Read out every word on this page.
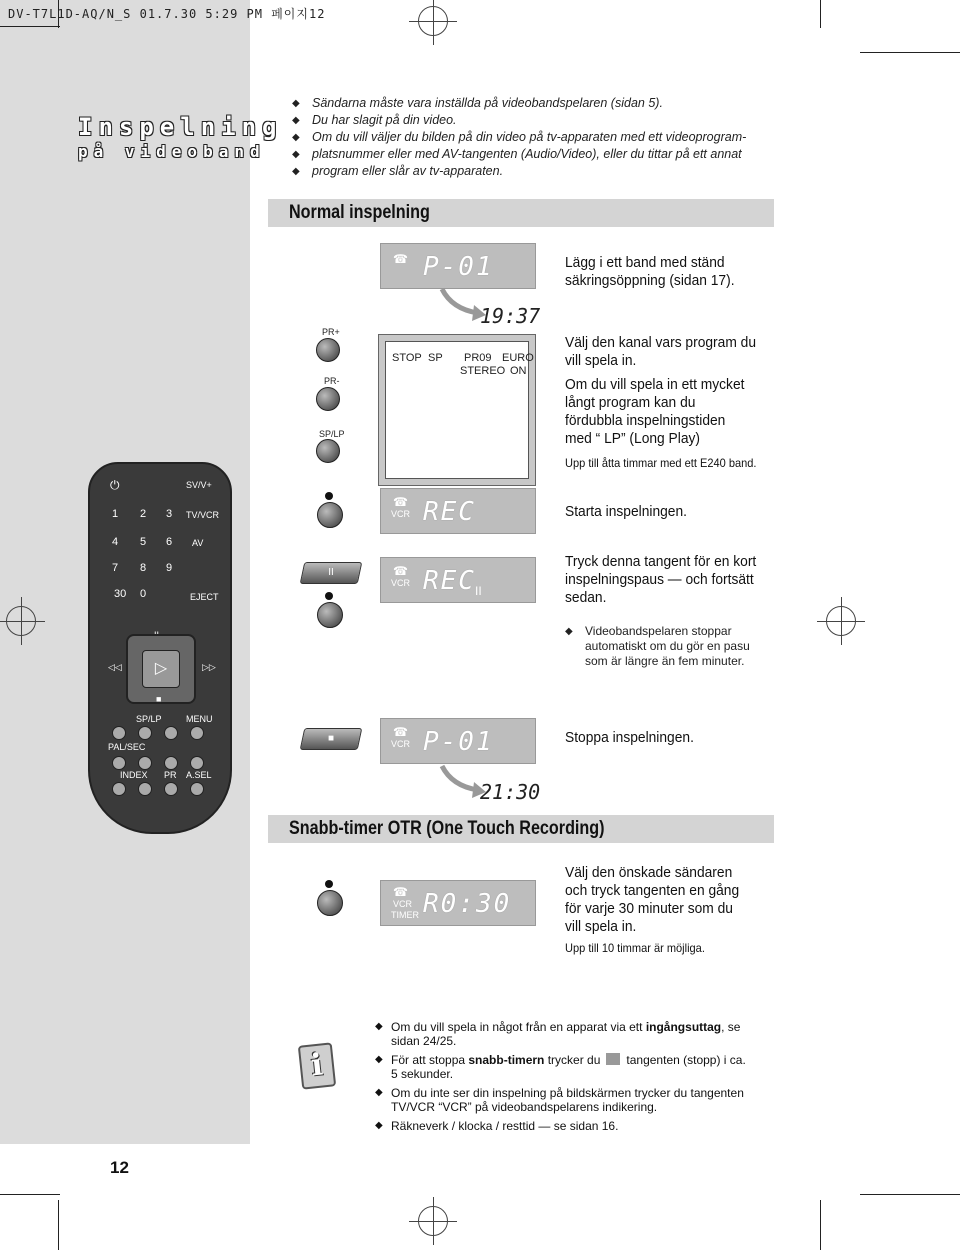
DV-T7L1D-AQ/N_S 01.7.30 5:29 PM 페이지12
Inspelning
på videoband
◆ Sändarna måste vara inställda på videobandspelaren (sidan 5).
◆ Du har slagit på din video.
◆ Om du vill väljer du bilden på din video på tv-apparaten med ett videoprogram-
◆ platsnummer eller med AV-tangenten (Audio/Video), eller du tittar på ett annat
◆ program eller slår av tv-apparaten.
Normal inspelning
☎ P-01
19:37
Lägg i ett band med ständ säkringsöppning (sidan 17).
PR+
PR-
SP/LP
STOP SP PR09 EURO
STEREO ON
Välj den kanal vars program du vill spela in.
Om du vill spela in ett mycket långt program kan du fördubbla inspelningstiden med “ LP” (Long Play)
Upp till åtta timmar med ett E240 band.
☎
VCR REC	Starta inspelningen.
II	☎
VCR REC II
Tryck denna tangent för en kort inspelningspaus — och fortsätt sedan.
◆ Videobandspelaren stoppar automatiskt om du gör en pasu som är längre än fem minuter.
■	☎
VCR P-01
21:30
Stoppa inspelningen.
Snabb-timer OTR (One Touch Recording)
☎
VCR
TIMER R0:30
Välj den önskade sändaren och tryck tangenten en gång för varje 30 minuter som du vill spela in.
Upp till 10 timmar är möjliga.
⏻	SV/V+
1 2 3 TV/VCR
4 5 6 AV
7 8 9
30 0	EJECT
◁◁	▷	▷▷
■
SP/LP	MENU
PAL/SEC
INDEX PR A.SEL
i
◆ Om du vill spela in något från en apparat via ett ingångsuttag, se sidan 24/25.
◆ För att stoppa snabb-timern trycker du tangenten (stopp) i ca. 5 sekunder.
◆ Om du inte ser din inspelning på bildskärmen trycker du tangenten TV/VCR “VCR” på videobandspelarens indikering.
◆ Räkneverk / klocka / resttid — se sidan 16.
12
